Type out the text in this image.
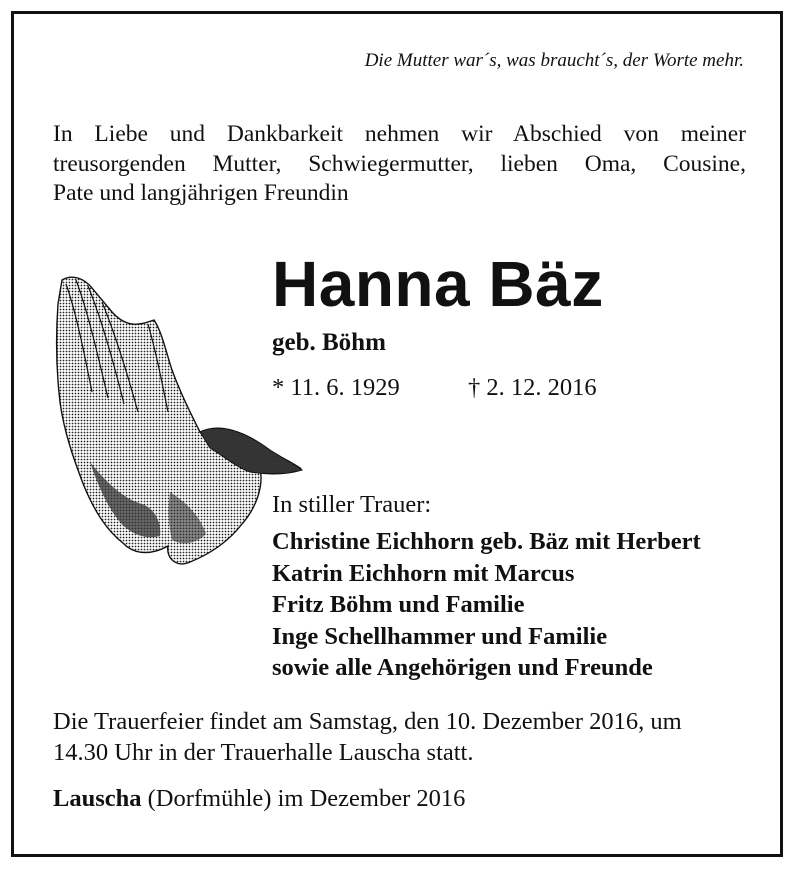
Die Mutter war´s, was braucht´s, der Worte mehr.
In Liebe und Dankbarkeit nehmen wir Abschied von meiner
treusorgenden Mutter, Schwiegermutter, lieben Oma, Cousine,
Pate und langjährigen Freundin
Hanna Bäz
geb. Böhm
* 11. 6. 1929	† 2. 12. 2016
In stiller Trauer:
Christine Eichhorn geb. Bäz mit Herbert
Katrin Eichhorn mit Marcus
Fritz Böhm und Familie
Inge Schellhammer und Familie
sowie alle Angehörigen und Freunde
Die Trauerfeier findet am Samstag, den 10. Dezember 2016, um
14.30 Uhr in der Trauerhalle Lauscha statt.
Lauscha (Dorfmühle) im Dezember 2016
